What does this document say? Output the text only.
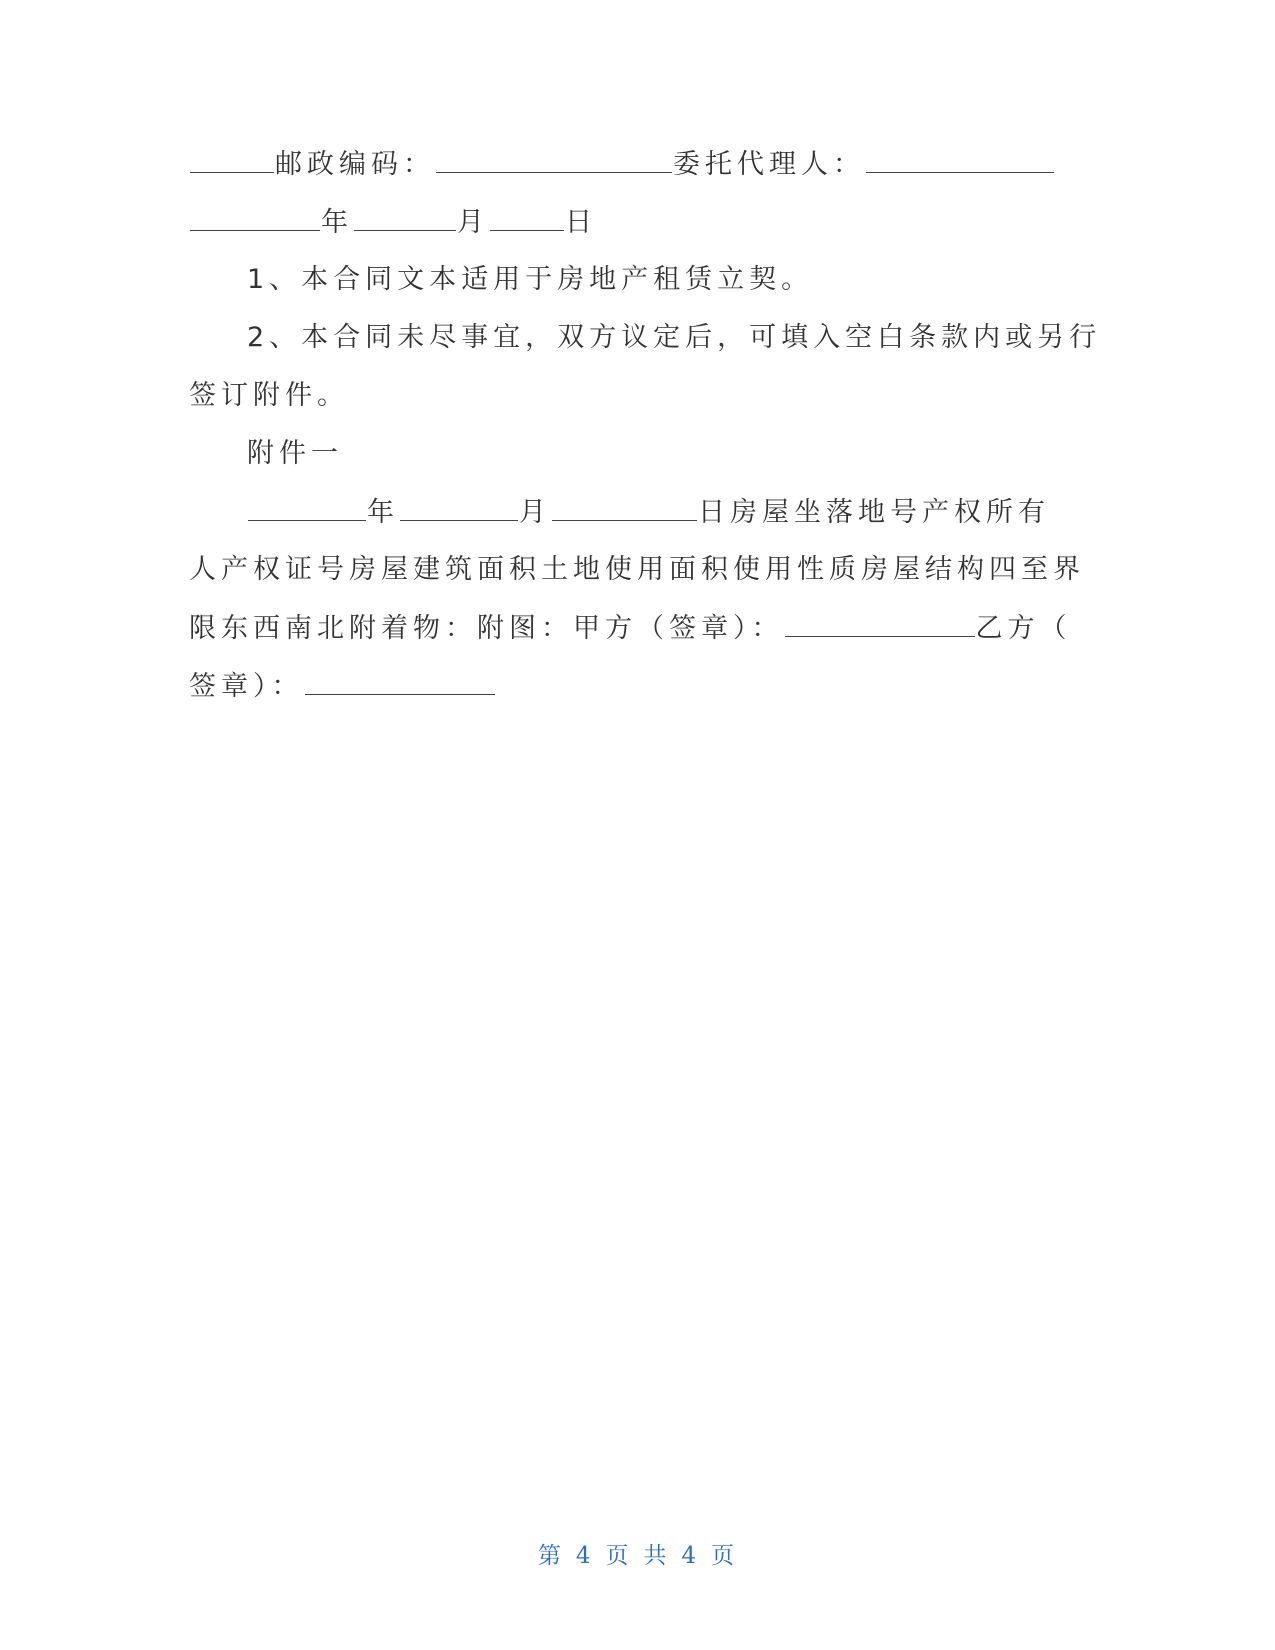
邮政编码：	委托代理人：
年	月	日
1、本合同文本适用于房地产租赁立契。
2、本合同未尽事宜，双方议定后，可填入空白条款内或另行
签订附件。
附件一
年	月	日房屋坐落地号产权所有
人产权证号房屋建筑面积土地使用面积使用性质房屋结构四至界
限东西南北附着物：附图：甲方（签章）：	乙方（
签章）：
第 4 页 共 4 页
